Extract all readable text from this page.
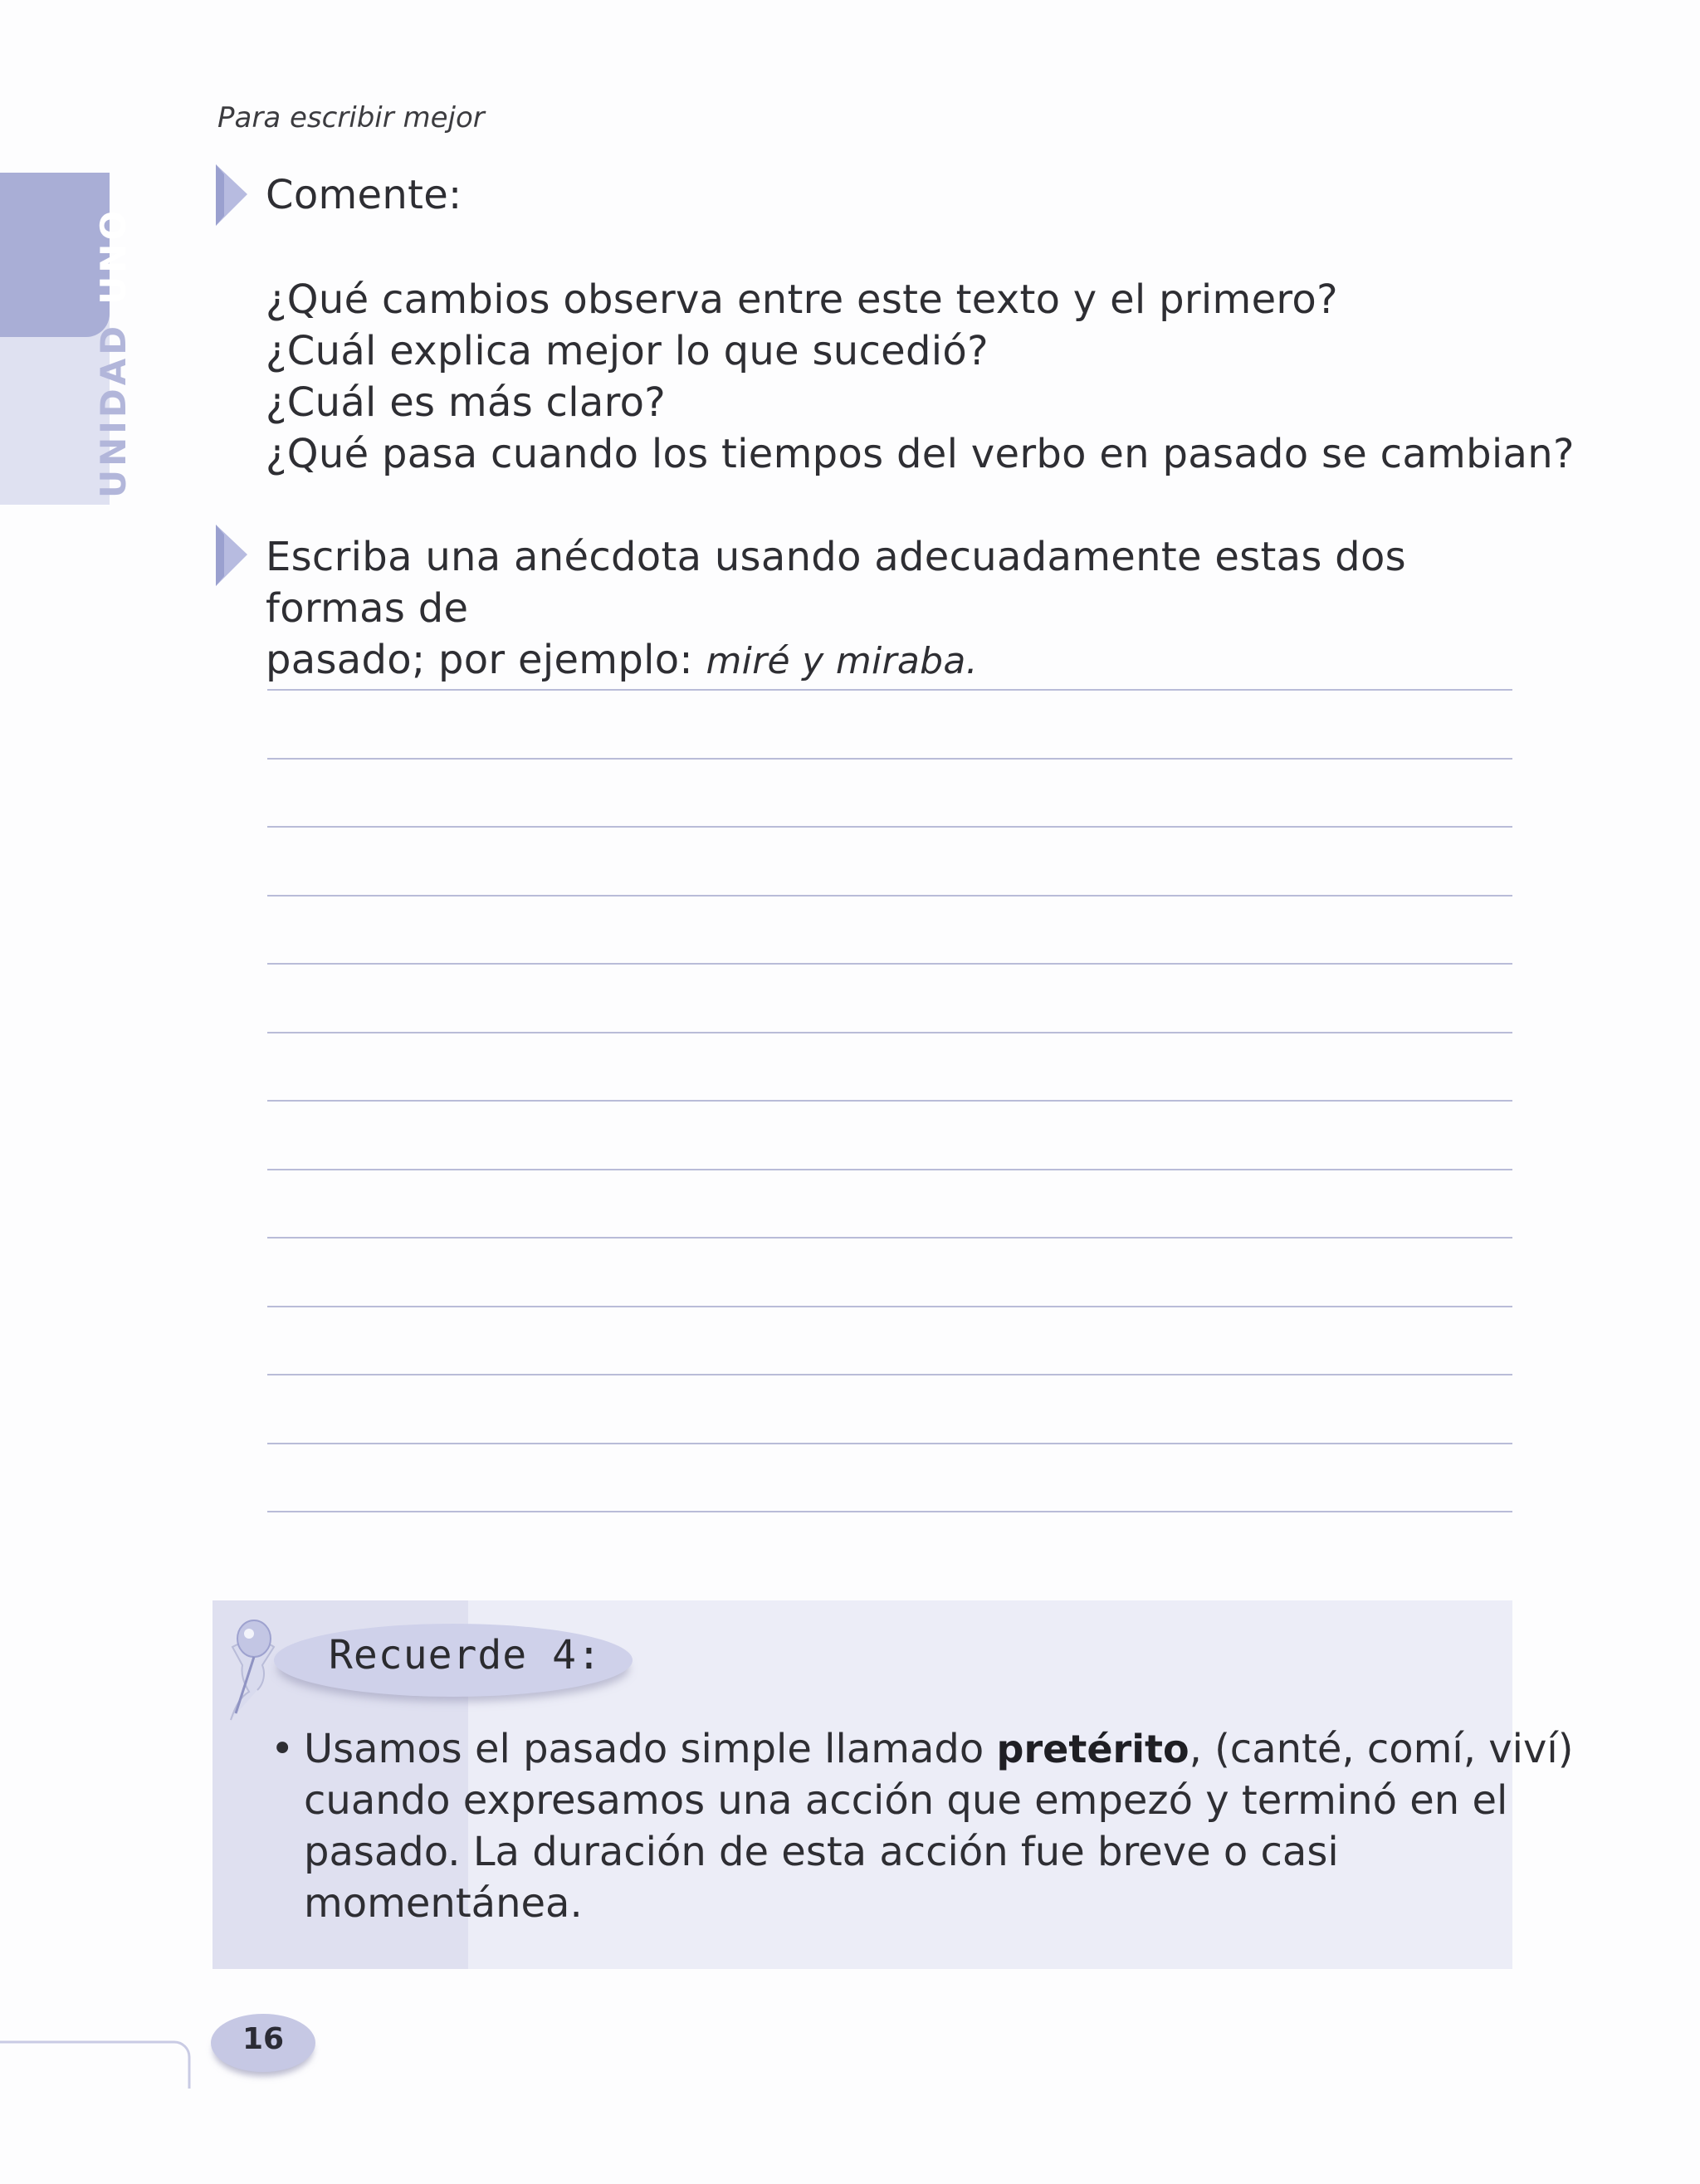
Para escribir mejor
UNIDADUNO
Comente:
¿Qué cambios observa entre este texto y el primero?
¿Cuál explica mejor lo que sucedió?
¿Cuál es más claro?
¿Qué pasa cuando los tiempos del verbo en pasado se cambian?
Escriba una anécdota usando adecuadamente estas dos formas de
pasado; por ejemplo: miré y miraba.
Recuerde 4:
• Usamos el pasado simple llamado pretérito, (canté, comí, viví)
cuando expresamos una acción que empezó y terminó en el
pasado. La duración de esta acción fue breve o casi
momentánea.
16
